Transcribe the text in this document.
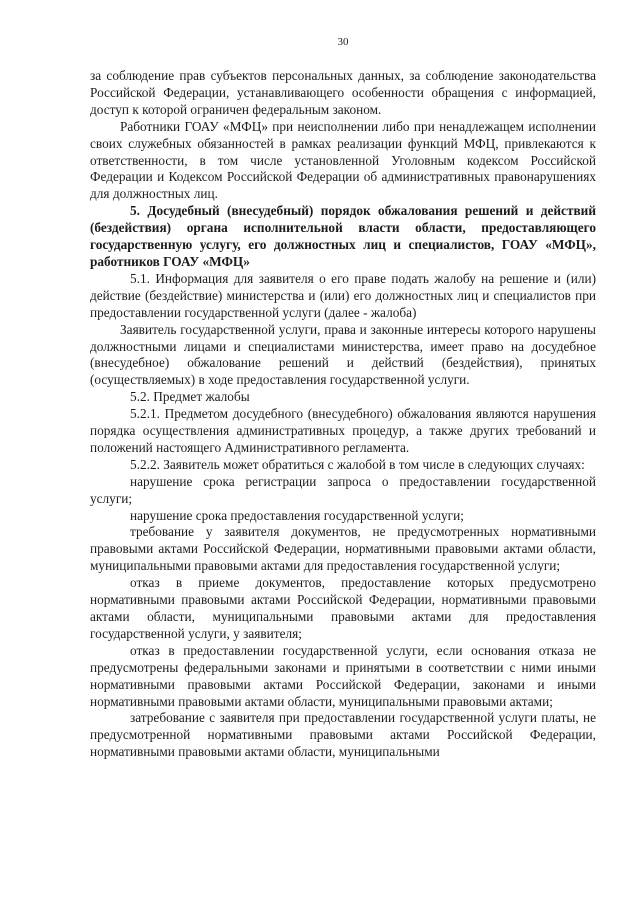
30

за соблюдение прав субъектов персональных данных, за соблюдение законодательства Российской Федерации, устанавливающего особенности обращения с информацией, доступ к которой ограничен федеральным законом.

Работники ГОАУ «МФЦ» при неисполнении либо при ненадлежащем исполнении своих служебных обязанностей в рамках реализации функций МФЦ, привлекаются к ответственности, в том числе установленной Уголовным кодексом Российской Федерации и Кодексом Российской Федерации об административных правонарушениях для должностных лиц.

5. Досудебный (внесудебный) порядок обжалования решений и действий (бездействия) органа исполнительной власти области, предоставляющего государственную услугу, его должностных лиц и специалистов, ГОАУ «МФЦ», работников ГОАУ «МФЦ»

5.1. Информация для заявителя о его праве подать жалобу на решение и (или) действие (бездействие) министерства и (или) его должностных лиц и специалистов при предоставлении государственной услуги (далее - жалоба)

Заявитель государственной услуги, права и законные интересы которого нарушены должностными лицами и специалистами министерства, имеет право на досудебное (внесудебное) обжалование решений и действий (бездействия), принятых (осуществляемых) в ходе предоставления государственной услуги.

5.2. Предмет жалобы

5.2.1. Предметом досудебного (внесудебного) обжалования являются нарушения порядка осуществления административных процедур, а также других требований и положений настоящего Административного регламента.

5.2.2. Заявитель может обратиться с жалобой в том числе в следующих случаях:

нарушение срока регистрации запроса о предоставлении государственной услуги;

нарушение срока предоставления государственной услуги;

требование у заявителя документов, не предусмотренных нормативными правовыми актами Российской Федерации, нормативными правовыми актами области, муниципальными правовыми актами для предоставления государственной услуги;

отказ в приеме документов, предоставление которых предусмотрено нормативными правовыми актами Российской Федерации, нормативными правовыми актами области, муниципальными правовыми актами для предоставления государственной услуги, у заявителя;

отказ в предоставлении государственной услуги, если основания отказа не предусмотрены федеральными законами и принятыми в соответствии с ними иными нормативными правовыми актами Российской Федерации, законами и иными нормативными правовыми актами области, муниципальными правовыми актами;

затребование с заявителя при предоставлении государственной услуги платы, не предусмотренной нормативными правовыми актами Российской Федерации, нормативными правовыми актами области, муниципальными
